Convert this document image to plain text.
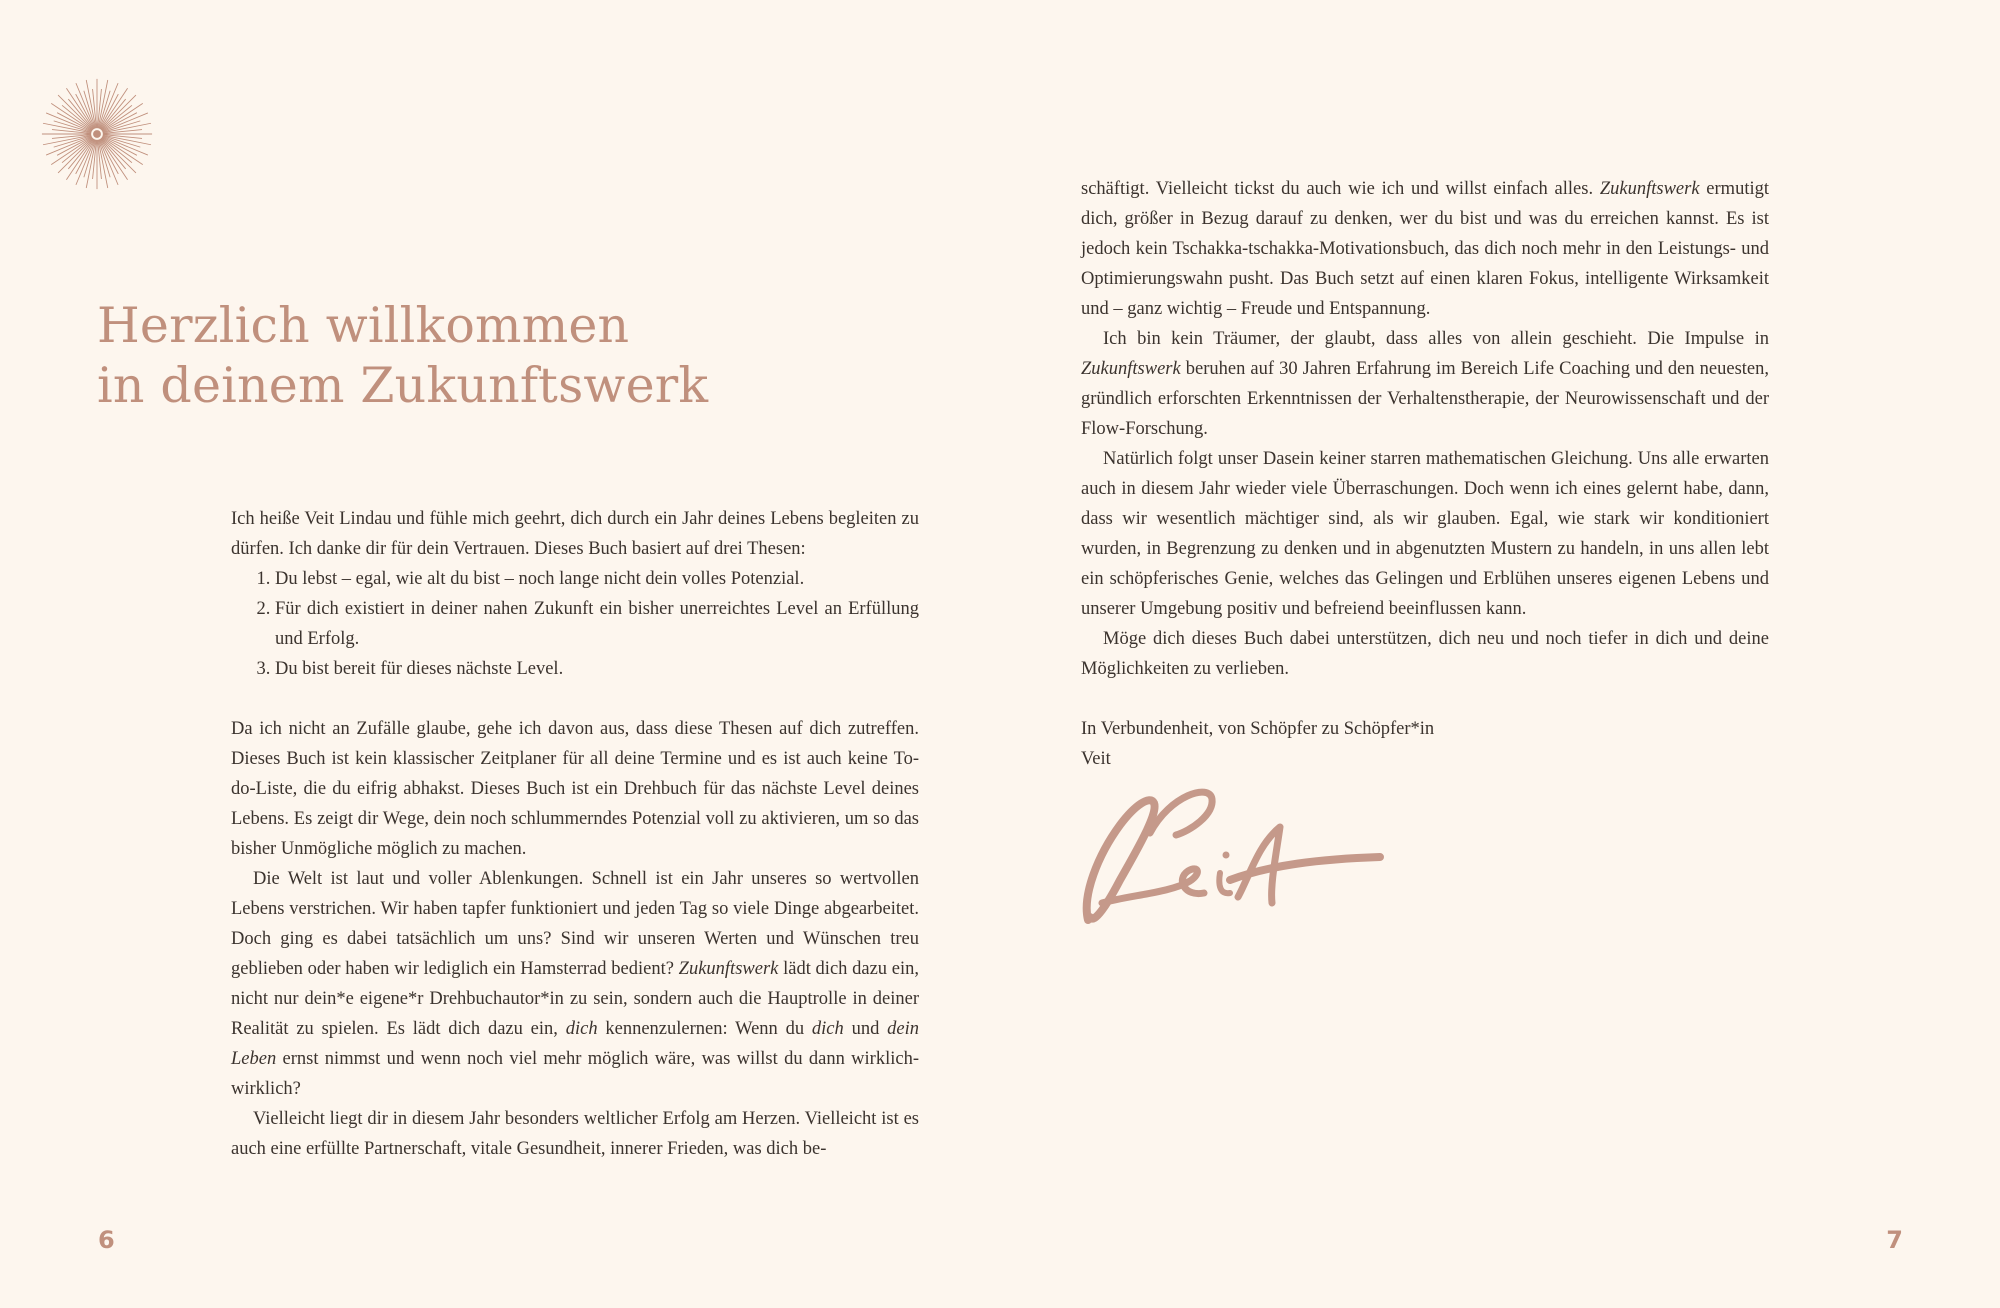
Herzlich willkommen
in deinem Zukunftswerk

Ich heiße Veit Lindau und fühle mich geehrt, dich durch ein Jahr deines Lebens begleiten zu dürfen. Ich danke dir für dein Vertrauen. Dieses Buch basiert auf drei Thesen:

1. Du lebst – egal, wie alt du bist – noch lange nicht dein volles Potenzial.
2. Für dich existiert in deiner nahen Zukunft ein bisher unerreichtes Level an Erfüllung und Erfolg.
3. Du bist bereit für dieses nächste Level.

Da ich nicht an Zufälle glaube, gehe ich davon aus, dass diese Thesen auf dich zutreffen. Dieses Buch ist kein klassischer Zeitplaner für all deine Termine und es ist auch keine To-do-Liste, die du eifrig abhakst. Dieses Buch ist ein Drehbuch für das nächste Level deines Lebens. Es zeigt dir Wege, dein noch schlummerndes Potenzial voll zu aktivieren, um so das bisher Unmögliche möglich zu machen.

Die Welt ist laut und voller Ablenkungen. Schnell ist ein Jahr unseres so wertvollen Lebens verstrichen. Wir haben tapfer funktioniert und jeden Tag so viele Dinge abgearbeitet. Doch ging es dabei tatsächlich um uns? Sind wir unseren Werten und Wünschen treu geblieben oder haben wir lediglich ein Hamsterrad bedient? Zukunftswerk lädt dich dazu ein, nicht nur dein*e eigene*r Drehbuchautor*in zu sein, sondern auch die Hauptrolle in deiner Realität zu spielen. Es lädt dich dazu ein, dich kennenzulernen: Wenn du dich und dein Leben ernst nimmst und wenn noch viel mehr möglich wäre, was willst du dann wirklich-wirklich?

Vielleicht liegt dir in diesem Jahr besonders weltlicher Erfolg am Herzen. Vielleicht ist es auch eine erfüllte Partnerschaft, vitale Gesundheit, innerer Frieden, was dich be-

6

schäftigt. Vielleicht tickst du auch wie ich und willst einfach alles. Zukunftswerk ermutigt dich, größer in Bezug darauf zu denken, wer du bist und was du erreichen kannst. Es ist jedoch kein Tschakka-tschakka-Motivationsbuch, das dich noch mehr in den Leistungs- und Optimierungswahn pusht. Das Buch setzt auf einen klaren Fokus, intelligente Wirksamkeit und – ganz wichtig – Freude und Entspannung.

Ich bin kein Träumer, der glaubt, dass alles von allein geschieht. Die Impulse in Zukunftswerk beruhen auf 30 Jahren Erfahrung im Bereich Life Coaching und den neuesten, gründlich erforschten Erkenntnissen der Verhaltenstherapie, der Neurowissenschaft und der Flow-Forschung.

Natürlich folgt unser Dasein keiner starren mathematischen Gleichung. Uns alle erwarten auch in diesem Jahr wieder viele Überraschungen. Doch wenn ich eines gelernt habe, dann, dass wir wesentlich mächtiger sind, als wir glauben. Egal, wie stark wir konditioniert wurden, in Begrenzung zu denken und in abgenutzten Mustern zu handeln, in uns allen lebt ein schöpferisches Genie, welches das Gelingen und Erblühen unseres eigenen Lebens und unserer Umgebung positiv und befreiend beeinflussen kann.

Möge dich dieses Buch dabei unterstützen, dich neu und noch tiefer in dich und deine Möglichkeiten zu verlieben.

In Verbundenheit, von Schöpfer zu Schöpfer*in

Veit

7
